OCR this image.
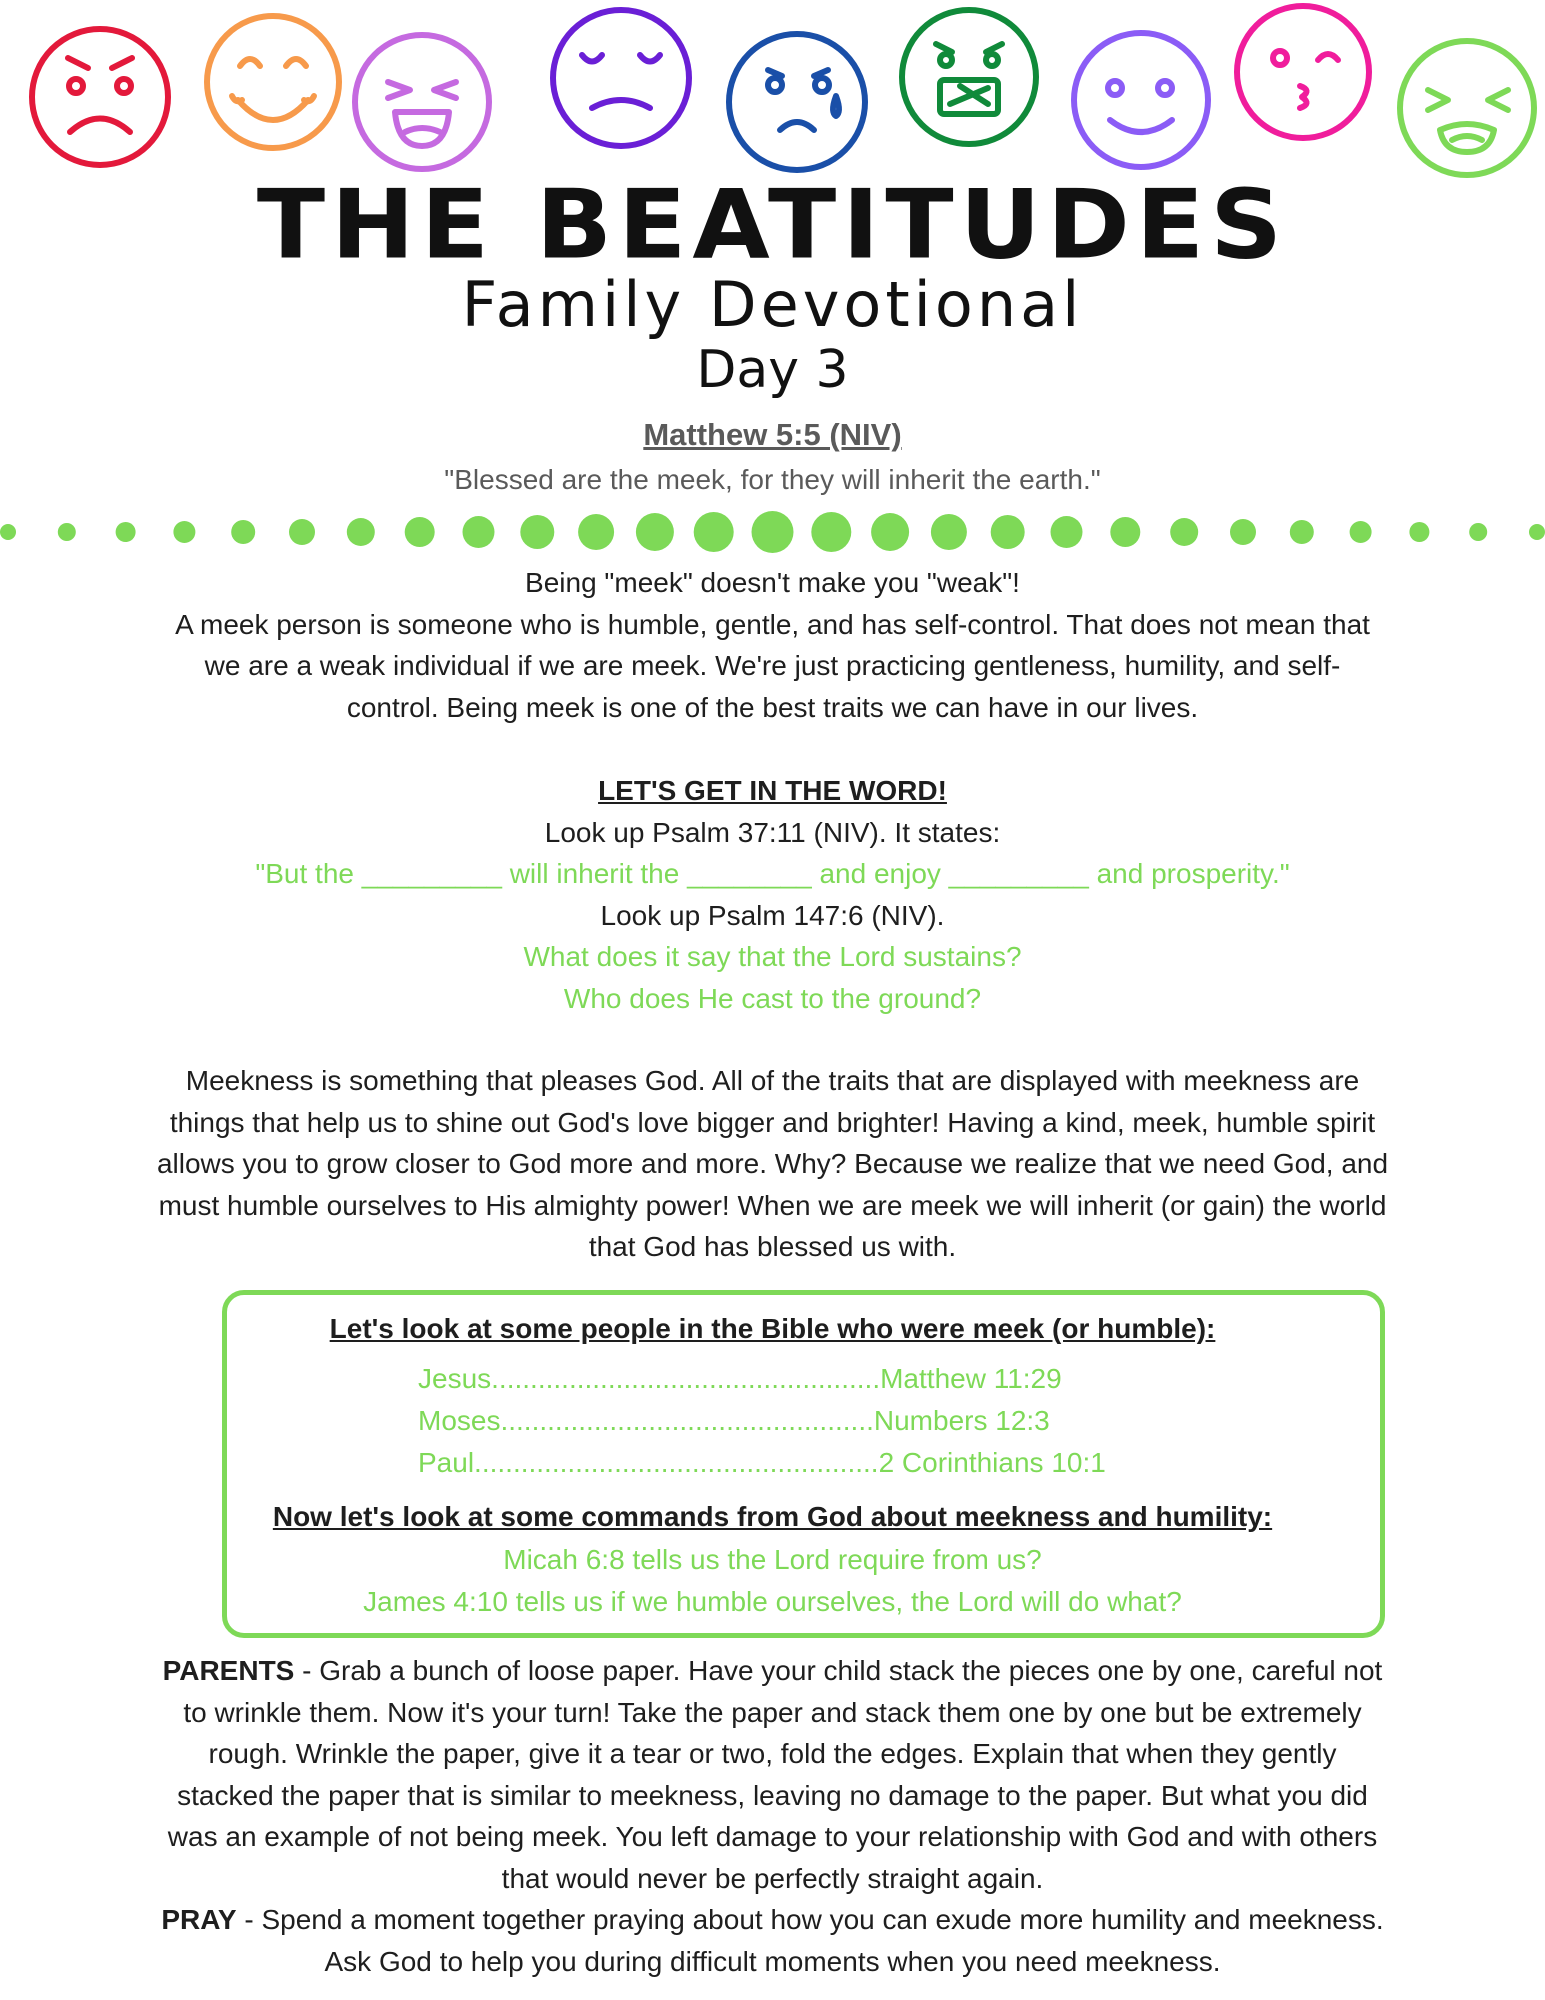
THE BEATITUDES
Family Devotional
Day 3
Matthew 5:5 (NIV)
"Blessed are the meek, for they will inherit the earth."

Being "meek" doesn't make you "weak"!

A meek person is someone who is humble, gentle, and has self-control. That does not mean that

we are a weak individual if we are meek. We're just practicing gentleness, humility, and self-

control. Being meek is one of the best traits we can have in our lives.

LET'S GET IN THE WORD!

Look up Psalm 37:11 (NIV). It states:

"But the _________ will inherit the ________ and enjoy _________ and prosperity."

Look up Psalm 147:6 (NIV).

What does it say that the Lord sustains?

Who does He cast to the ground?

Meekness is something that pleases God. All of the traits that are displayed with meekness are

things that help us to shine out God's love bigger and brighter! Having a kind, meek, humble spirit

allows you to grow closer to God more and more. Why? Because we realize that we need God, and

must humble ourselves to His almighty power! When we are meek we will inherit (or gain) the world

that God has blessed us with.

Let's look at some people in the Bible who were meek (or humble):
Jesus..................................................Matthew 11:29
Moses................................................Numbers 12:3
Paul....................................................2 Corinthians 10:1
Now let's look at some commands from God about meekness and humility:
Micah 6:8 tells us the Lord require from us?
James 4:10 tells us if we humble ourselves, the Lord will do what?

PARENTS - Grab a bunch of loose paper. Have your child stack the pieces one by one, careful not

to wrinkle them. Now it's your turn! Take the paper and stack them one by one but be extremely

rough. Wrinkle the paper, give it a tear or two, fold the edges. Explain that when they gently

stacked the paper that is similar to meekness, leaving no damage to the paper. But what you did

was an example of not being meek. You left damage to your relationship with God and with others

that would never be perfectly straight again.

PRAY - Spend a moment together praying about how you can exude more humility and meekness.

Ask God to help you during difficult moments when you need meekness.
